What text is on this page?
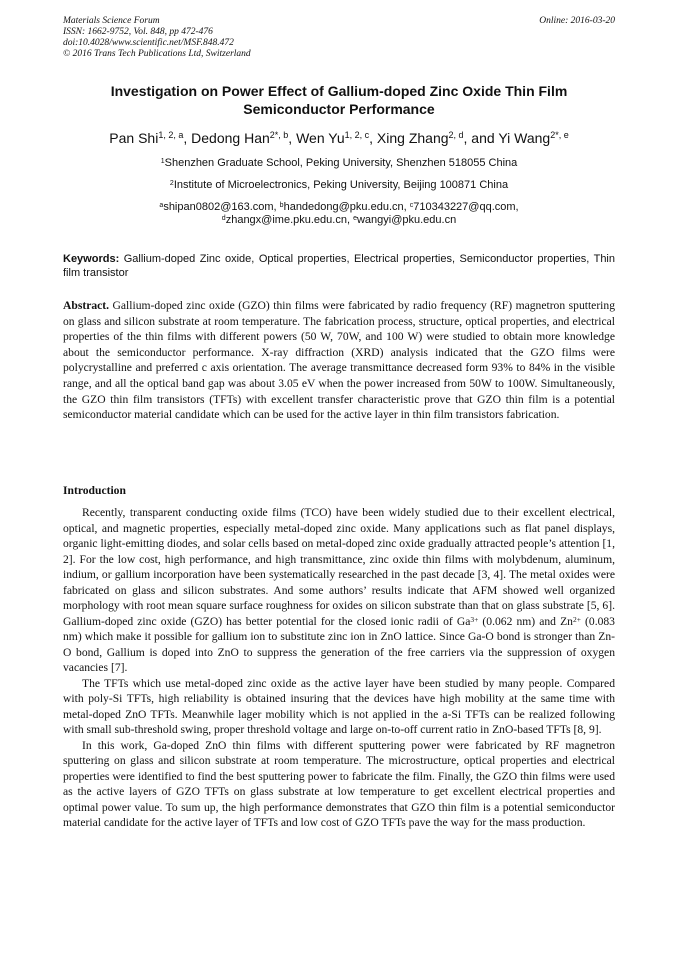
Materials Science Forum
ISSN: 1662-9752, Vol. 848, pp 472-476
doi:10.4028/www.scientific.net/MSF.848.472
© 2016 Trans Tech Publications Ltd, Switzerland
Online: 2016-03-20
Investigation on Power Effect of Gallium-doped Zinc Oxide Thin Film Semiconductor Performance
Pan Shi$^{1, 2, a}$, Dedong Han$^{2*, b}$, Wen Yu$^{1, 2, c}$, Xing Zhang$^{2, d}$, and Yi Wang$^{2*, e}$
$^1$Shenzhen Graduate School, Peking University, Shenzhen 518055 China
$^2$Institute of Microelectronics, Peking University, Beijing 100871 China
$^a$shipan0802@163.com, $^b$handedong@pku.edu.cn, $^c$710343227@qq.com,
$^d$zhangx@ime.pku.edu.cn, $^e$wangyi@pku.edu.cn
Keywords: Gallium-doped Zinc oxide, Optical properties, Electrical properties, Semiconductor properties, Thin film transistor
Abstract. Gallium-doped zinc oxide (GZO) thin films were fabricated by radio frequency (RF) magnetron sputtering on glass and silicon substrate at room temperature. The fabrication process, structure, optical properties, and electrical properties of the thin films with different powers (50 W, 70W, and 100 W) were studied to obtain more knowledge about the semiconductor performance. X-ray diffraction (XRD) analysis indicated that the GZO films were polycrystalline and preferred c axis orientation. The average transmittance decreased form 93% to 84% in the visible range, and all the optical band gap was about 3.05 eV when the power increased from 50W to 100W. Simultaneously, the GZO thin film transistors (TFTs) with excellent transfer characteristic prove that GZO thin film is a potential semiconductor material candidate which can be used for the active layer in thin film transistors fabrication.
Introduction

Recently, transparent conducting oxide films (TCO) have been widely studied due to their excellent electrical, optical, and magnetic properties, especially metal-doped zinc oxide. Many applications such as flat panel displays, organic light-emitting diodes, and solar cells based on metal-doped zinc oxide gradually attracted people’s attention [1, 2]. For the low cost, high performance, and high transmittance, zinc oxide thin films with molybdenum, aluminum, indium, or gallium incorporation have been systematically researched in the past decade [3, 4]. The metal oxides were fabricated on glass and silicon substrates. And some authors’ results indicate that AFM showed well organized morphology with root mean square surface roughness for oxides on silicon substrate than that on glass substrate [5, 6]. Gallium-doped zinc oxide (GZO) has better potential for the closed ionic radii of $Ga^{3+}$ (0.062 nm) and $Zn^{2+}$ (0.083 nm) which make it possible for gallium ion to substitute zinc ion in ZnO lattice. Since Ga-O bond is stronger than Zn-O bond, Gallium is doped into ZnO to suppress the generation of the free carriers via the suppression of oxygen vacancies [7].

The TFTs which use metal-doped zinc oxide as the active layer have been studied by many people. Compared with poly-Si TFTs, high reliability is obtained insuring that the devices have high mobility at the same time with metal-doped ZnO TFTs. Meanwhile lager mobility which is not applied in the a-Si TFTs can be realized following with small sub-threshold swing, proper threshold voltage and large on-to-off current ratio in ZnO-based TFTs [8, 9].

In this work, Ga-doped ZnO thin films with different sputtering power were fabricated by RF magnetron sputtering on glass and silicon substrate at room temperature. The microstructure, optical properties and electrical properties were identified to find the best sputtering power to fabricate the film. Finally, the GZO thin films were used as the active layers of GZO TFTs on glass substrate at low temperature to get excellent electrical properties and optimal power value. To sum up, the high performance demonstrates that GZO thin film is a potential semiconductor material candidate for the active layer of TFTs and low cost of GZO TFTs pave the way for the mass production.
